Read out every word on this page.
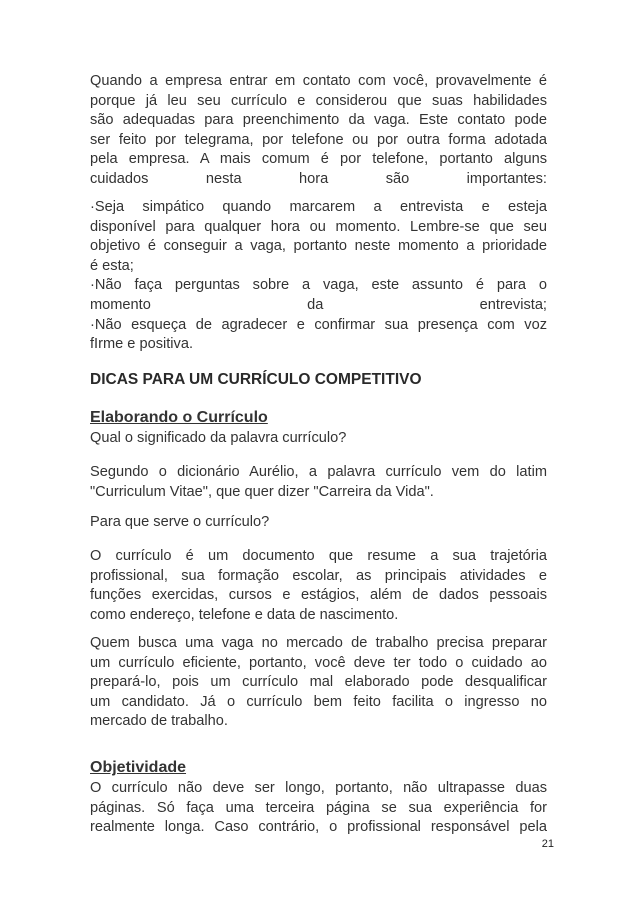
Quando a empresa entrar em contato com você, provavelmente é
porque já leu seu currículo e considerou que suas habilidades
são adequadas para preenchimento da vaga. Este contato pode
ser feito por telegrama, por telefone ou por outra forma adotada
pela empresa. A mais comum é por telefone, portanto alguns
cuidados nesta hora são importantes:
·Seja simpático quando marcarem a entrevista e esteja
disponível para qualquer hora ou momento. Lembre-se que seu
objetivo é conseguir a vaga, portanto neste momento a prioridade
é esta;
·Não faça perguntas sobre a vaga, este assunto é para o
momento da entrevista;
·Não esqueça de agradecer e confirmar sua presença com voz
fIrme e positiva.
DICAS PARA UM CURRÍCULO COMPETITIVO
Elaborando o Currículo

Qual o significado da palavra currículo?

Segundo o dicionário Aurélio, a palavra currículo vem do latim
"Curriculum Vitae", que quer dizer "Carreira da Vida".

Para que serve o currículo?

O currículo é um documento que resume a sua trajetória
profissional, sua formação escolar, as principais atividades e
funções exercidas, cursos e estágios, além de dados pessoais
como endereço, telefone e data de nascimento.
Quem busca uma vaga no mercado de trabalho precisa preparar
um currículo eficiente, portanto, você deve ter todo o cuidado ao
prepará-lo, pois um currículo mal elaborado pode desqualificar
um candidato. Já o currículo bem feito facilita o ingresso no
mercado de trabalho.
Objetividade
O currículo não deve ser longo, portanto, não ultrapasse duas
páginas. Só faça uma terceira página se sua experiência for
realmente longa. Caso contrário, o profissional responsável pela
21
